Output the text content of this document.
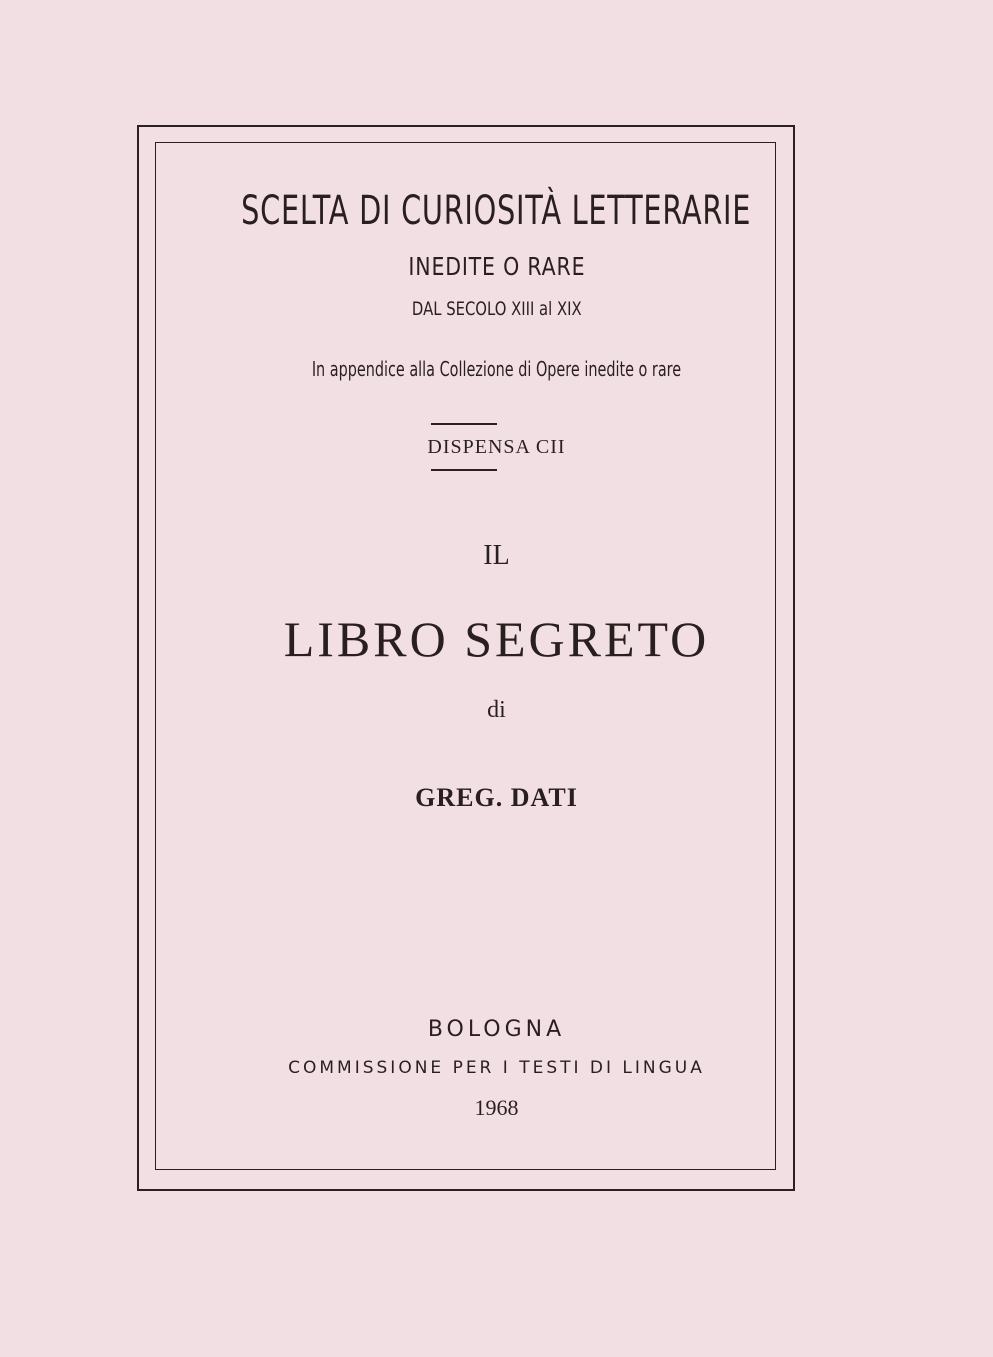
SCELTA DI CURIOSITÀ LETTERARIE
INEDITE O RARE
DAL SECOLO XIII al XIX
In appendice alla Collezione di Opere inedite o rare
DISPENSA CII
IL
LIBRO SEGRETO
di
GREG. DATI
BOLOGNA
COMMISSIONE PER I TESTI DI LINGUA
1968
